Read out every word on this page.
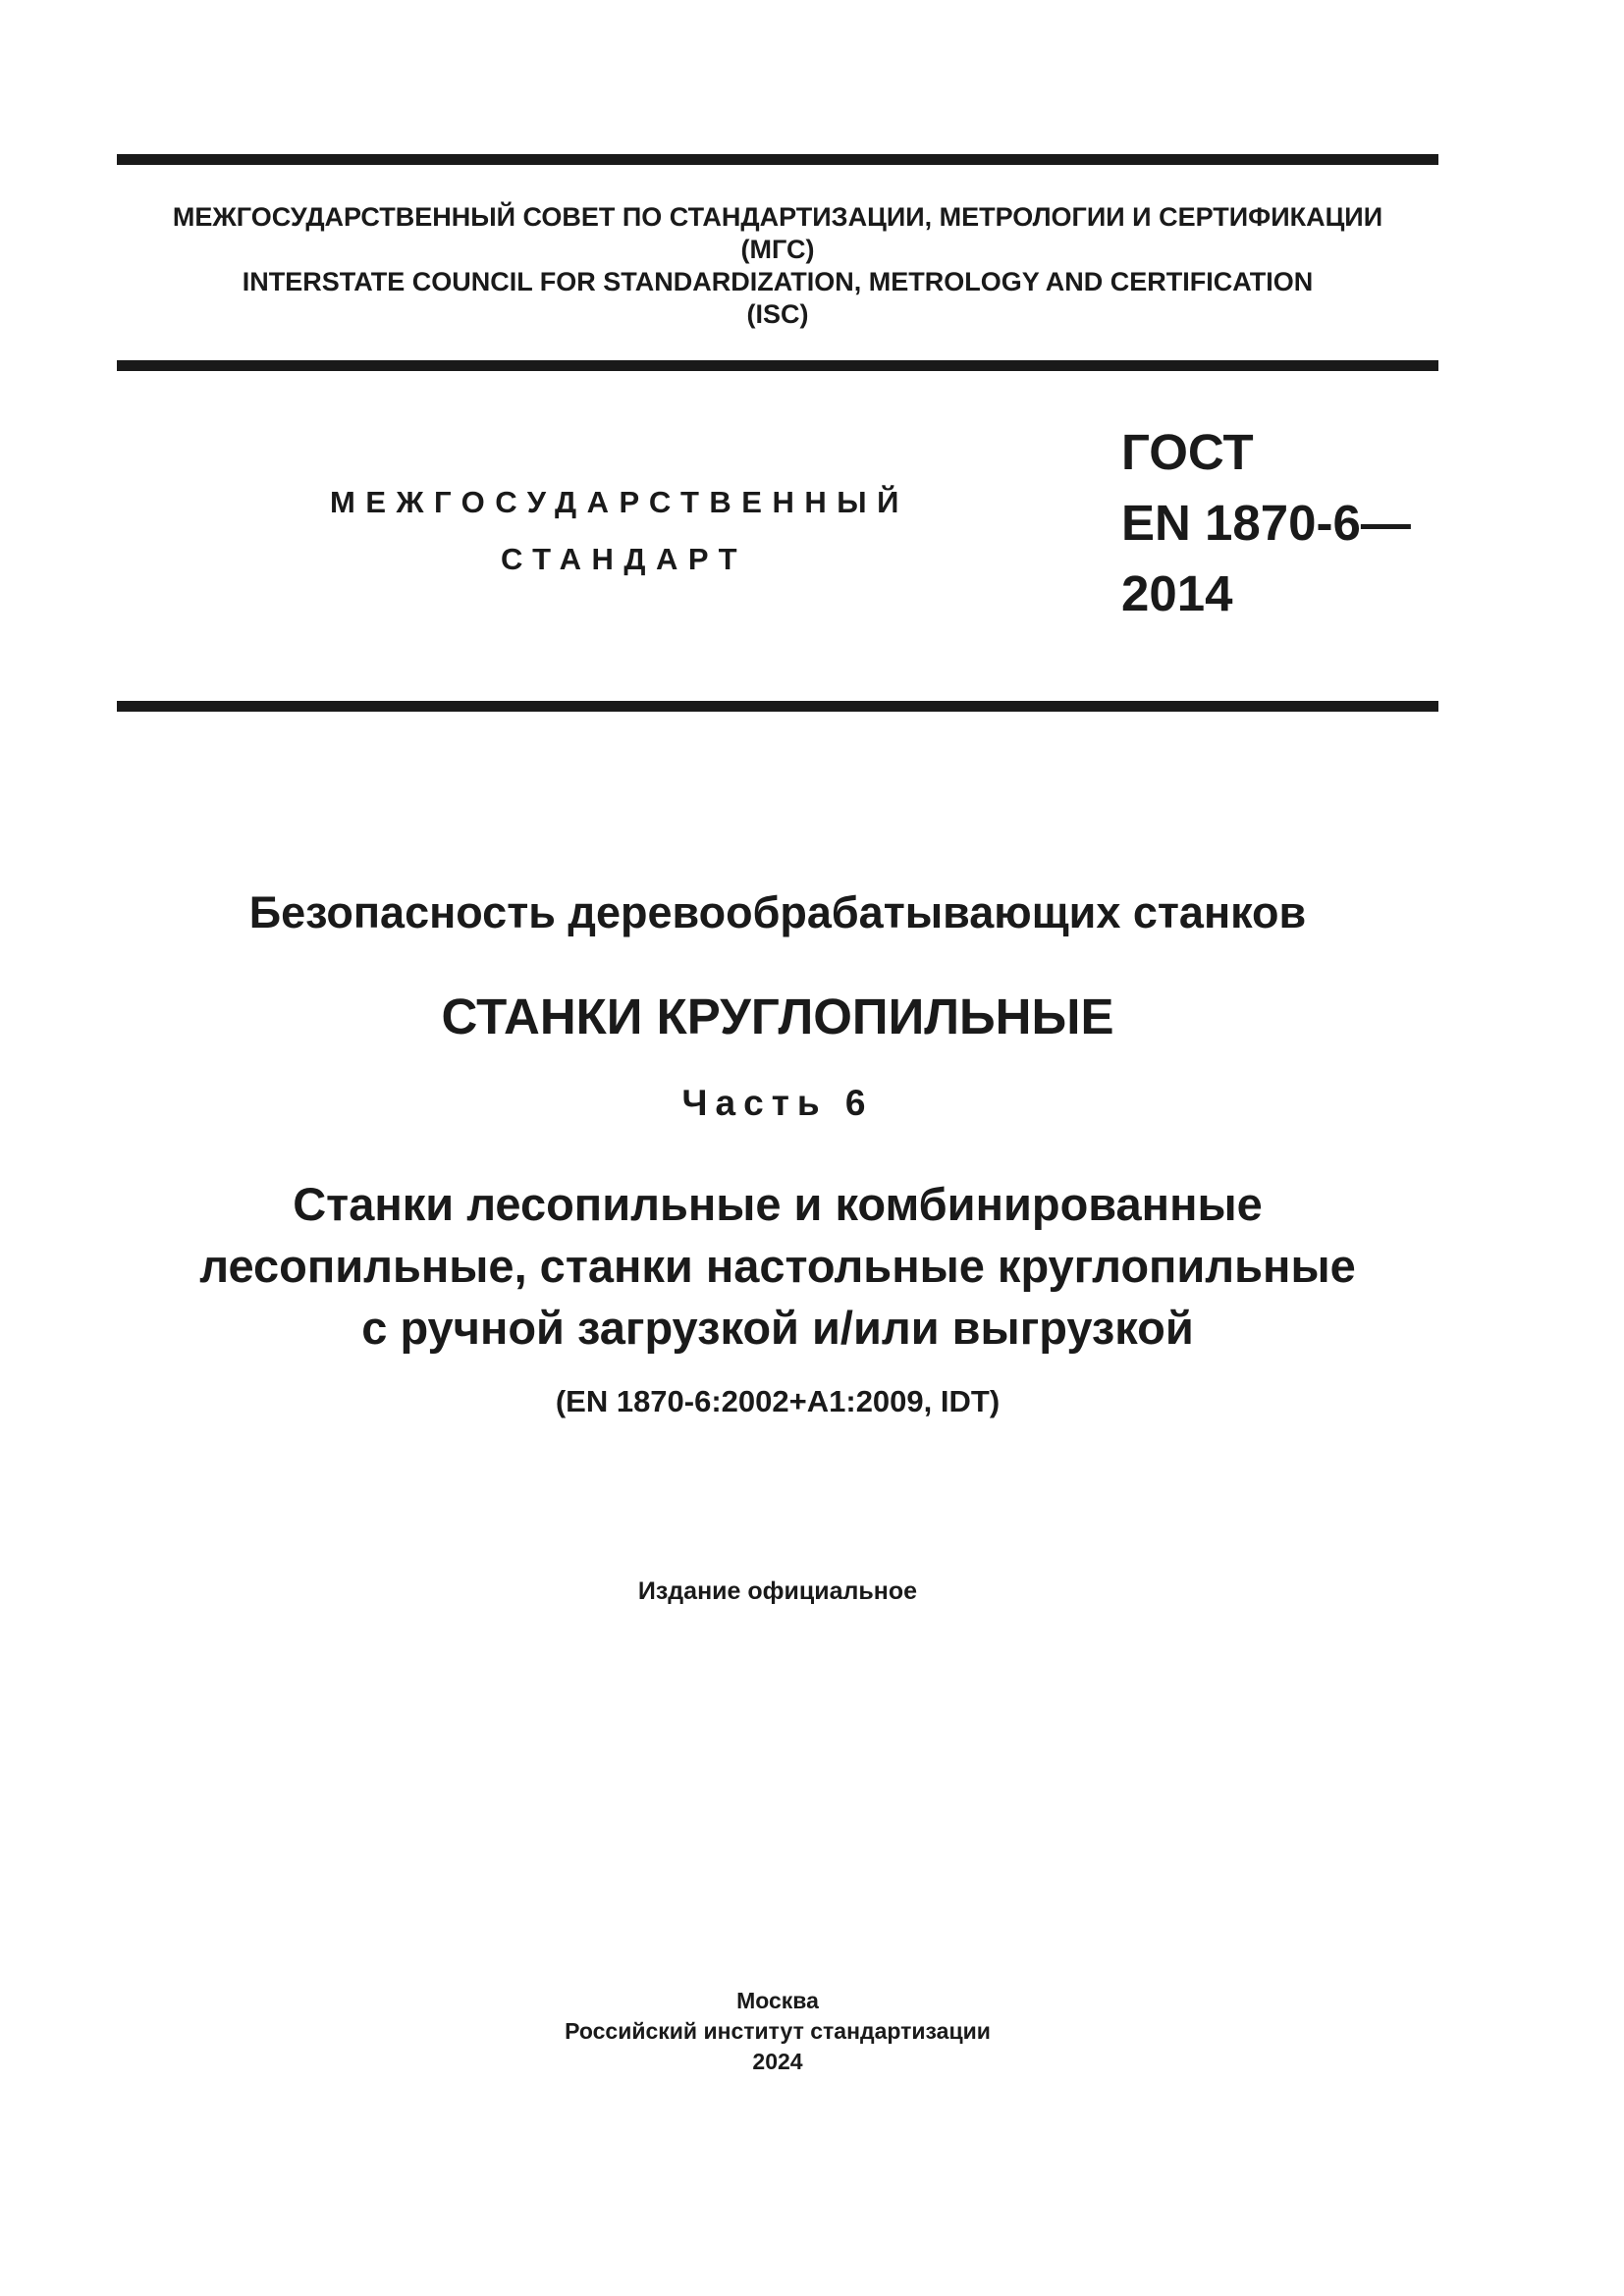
МЕЖГОСУДАРСТВЕННЫЙ СОВЕТ ПО СТАНДАРТИЗАЦИИ, МЕТРОЛОГИИ И СЕРТИФИКАЦИИ
(МГС)
INTERSTATE COUNCIL FOR STANDARDIZATION, METROLOGY AND CERTIFICATION
(ISC)
МЕЖГОСУДАРСТВЕННЫЙ
СТАНДАРТ
ГОСТ
EN 1870-6—
2014
Безопасность деревообрабатывающих станков
СТАНКИ КРУГЛОПИЛЬНЫЕ
Часть 6
Станки лесопильные и комбинированные
лесопильные, станки настольные круглопильные
с ручной загрузкой и/или выгрузкой
(EN 1870-6:2002+A1:2009, IDT)
Издание официальное
Москва
Российский институт стандартизации
2024
